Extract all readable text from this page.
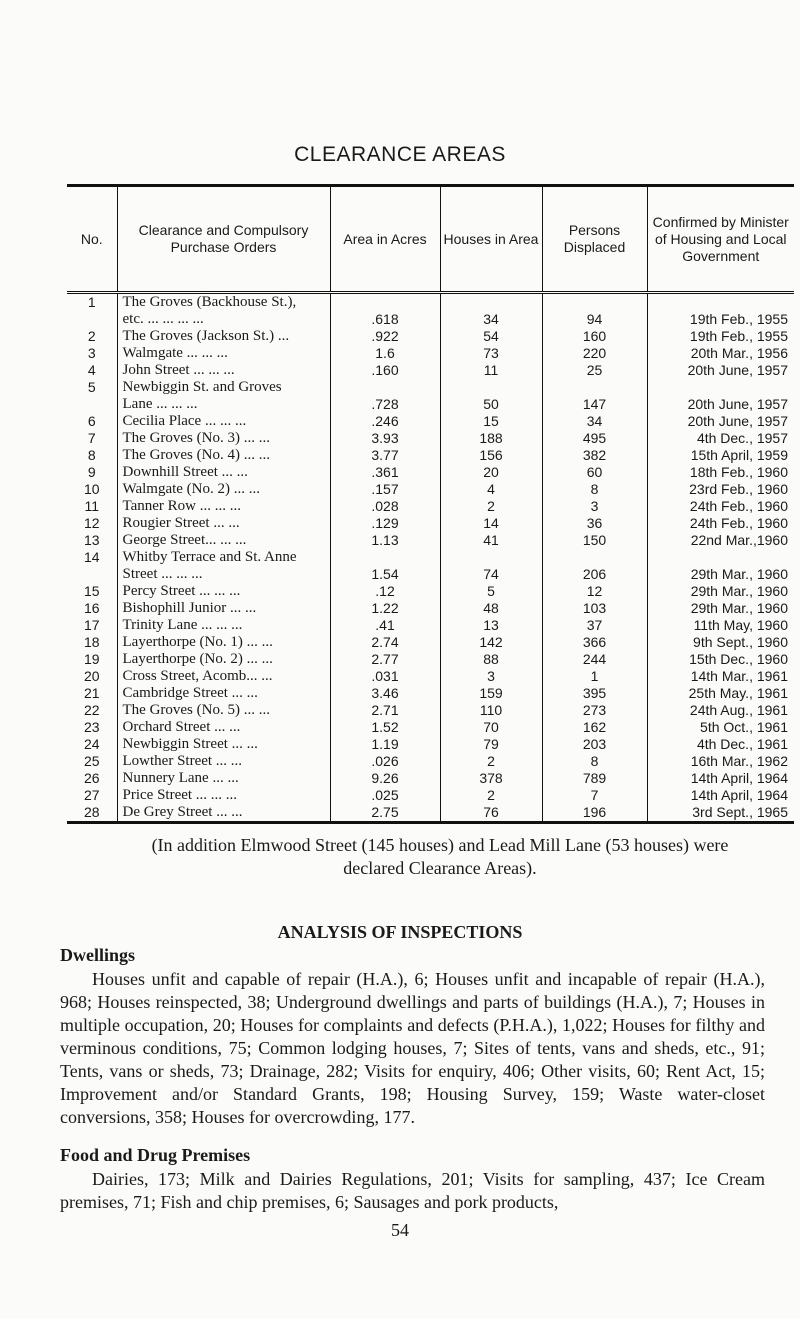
CLEARANCE AREAS
No.	Clearance and Compulsory Purchase Orders	Area in Acres	Houses in Area	Persons Displaced	Confirmed by Minister of Housing and Local Government
1	The Groves (Backhouse St.),
etc. ... ... ... ...	.618	34	94	19th Feb., 1955
2	The Groves (Jackson St.) ...	.922	54	160	19th Feb., 1955
3	Walmgate ... ... ...	1.6	73	220	20th Mar., 1956
4	John Street ... ... ...	.160	11	25	20th June, 1957
5	Newbiggin St. and Groves
Lane ... ... ...	.728	50	147	20th June, 1957
6	Cecilia Place ... ... ...	.246	15	34	20th June, 1957
7	The Groves (No. 3) ... ...	3.93	188	495	4th Dec., 1957
8	The Groves (No. 4) ... ...	3.77	156	382	15th April, 1959
9	Downhill Street ... ...	.361	20	60	18th Feb., 1960
10	Walmgate (No. 2) ... ...	.157	4	8	23rd Feb., 1960
11	Tanner Row ... ... ...	.028	2	3	24th Feb., 1960
12	Rougier Street ... ...	.129	14	36	24th Feb., 1960
13	George Street... ... ...	1.13	41	150	22nd Mar.,1960
14	Whitby Terrace and St. Anne
Street ... ... ...	1.54	74	206	29th Mar., 1960
15	Percy Street ... ... ...	.12	5	12	29th Mar., 1960
16	Bishophill Junior ... ...	1.22	48	103	29th Mar., 1960
17	Trinity Lane ... ... ...	.41	13	37	11th May, 1960
18	Layerthorpe (No. 1) ... ...	2.74	142	366	9th Sept., 1960
19	Layerthorpe (No. 2) ... ...	2.77	88	244	15th Dec., 1960
20	Cross Street, Acomb... ...	.031	3	1	14th Mar., 1961
21	Cambridge Street ... ...	3.46	159	395	25th May., 1961
22	The Groves (No. 5) ... ...	2.71	110	273	24th Aug., 1961
23	Orchard Street ... ...	1.52	70	162	5th Oct., 1961
24	Newbiggin Street ... ...	1.19	79	203	4th Dec., 1961
25	Lowther Street ... ...	.026	2	8	16th Mar., 1962
26	Nunnery Lane ... ...	9.26	378	789	14th April, 1964
27	Price Street ... ... ...	.025	2	7	14th April, 1964
28	De Grey Street ... ...	2.75	76	196	3rd Sept., 1965
(In addition Elmwood Street (145 houses) and Lead Mill Lane (53 houses) were declared Clearance Areas).
ANALYSIS OF INSPECTIONS
Dwellings
Houses unfit and capable of repair (H.A.), 6; Houses unfit and incapable of repair (H.A.), 968; Houses reinspected, 38; Underground dwellings and parts of buildings (H.A.), 7; Houses in multiple occupation, 20; Houses for complaints and defects (P.H.A.), 1,022; Houses for filthy and verminous conditions, 75; Common lodging houses, 7; Sites of tents, vans and sheds, etc., 91; Tents, vans or sheds, 73; Drainage, 282; Visits for enquiry, 406; Other visits, 60; Rent Act, 15; Improvement and/or Standard Grants, 198; Housing Survey, 159; Waste water-closet conversions, 358; Houses for overcrowding, 177.
Food and Drug Premises
Dairies, 173; Milk and Dairies Regulations, 201; Visits for sampling, 437; Ice Cream premises, 71; Fish and chip premises, 6; Sausages and pork products,
54
